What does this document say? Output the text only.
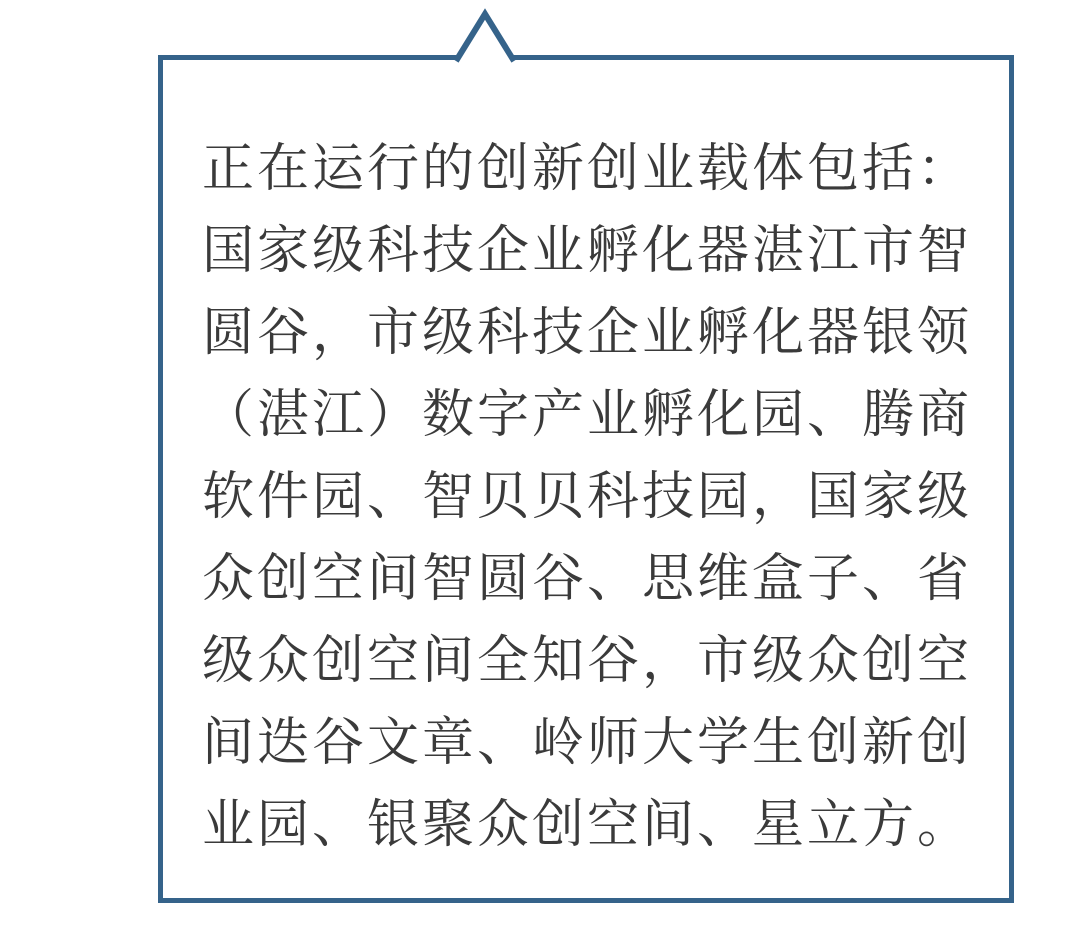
正在运行的创新创业载体包括：
国家级科技企业孵化器湛江市智
圆谷，市级科技企业孵化器银领
（湛江）数字产业孵化园、腾商
软件园、智贝贝科技园，国家级
众创空间智圆谷、思维盒子、省
级众创空间全知谷，市级众创空
间迭谷文章、岭师大学生创新创
业园、银聚众创空间、星立方。
